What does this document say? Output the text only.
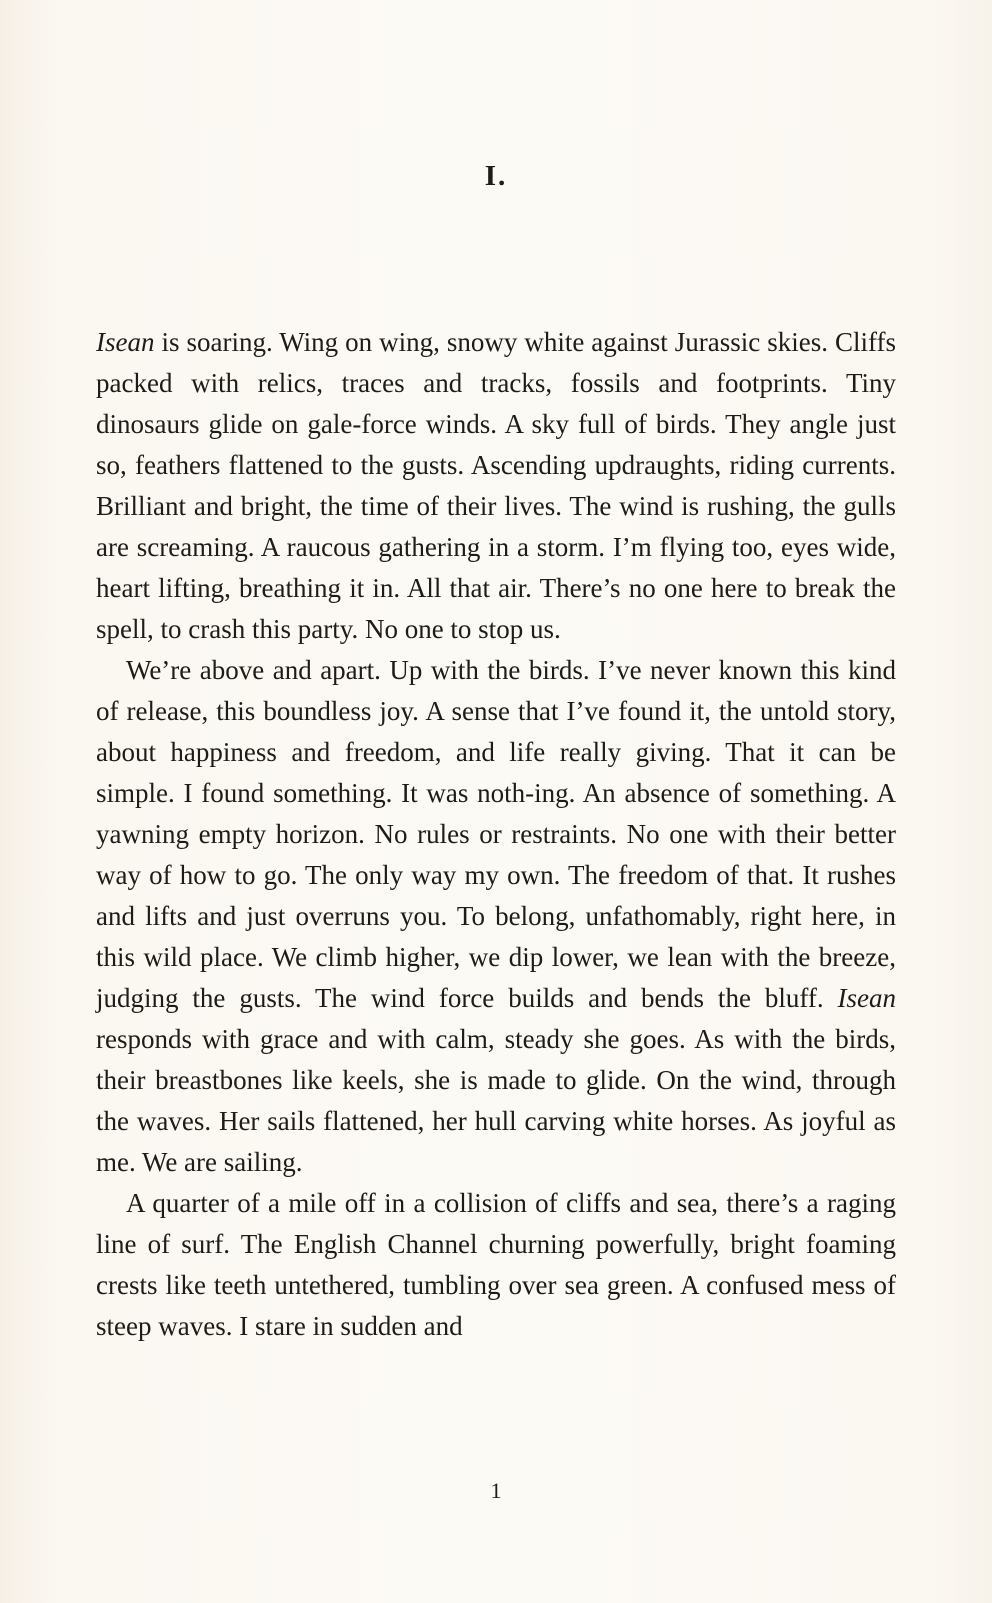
I.

Isean is soaring. Wing on wing, snowy white against Jurassic skies. Cliffs packed with relics, traces and tracks, fossils and footprints. Tiny dinosaurs glide on gale-force winds. A sky full of birds. They angle just so, feathers flattened to the gusts. Ascending updraughts, riding currents. Brilliant and bright, the time of their lives. The wind is rushing, the gulls are screaming. A raucous gathering in a storm. I’m flying too, eyes wide, heart lifting, breathing it in. All that air. There’s no one here to break the spell, to crash this party. No one to stop us.

We’re above and apart. Up with the birds. I’ve never known this kind of release, this boundless joy. A sense that I’ve found it, the untold story, about happiness and freedom, and life really giving. That it can be simple. I found something. It was noth-ing. An absence of something. A yawning empty horizon. No rules or restraints. No one with their better way of how to go. The only way my own. The freedom of that. It rushes and lifts and just overruns you. To belong, unfathomably, right here, in this wild place. We climb higher, we dip lower, we lean with the breeze, judging the gusts. The wind force builds and bends the bluff. Isean responds with grace and with calm, steady she goes. As with the birds, their breastbones like keels, she is made to glide. On the wind, through the waves. Her sails flattened, her hull carving white horses. As joyful as me. We are sailing.

A quarter of a mile off in a collision of cliffs and sea, there’s a raging line of surf. The English Channel churning powerfully, bright foaming crests like teeth untethered, tumbling over sea green. A confused mess of steep waves. I stare in sudden and

1
